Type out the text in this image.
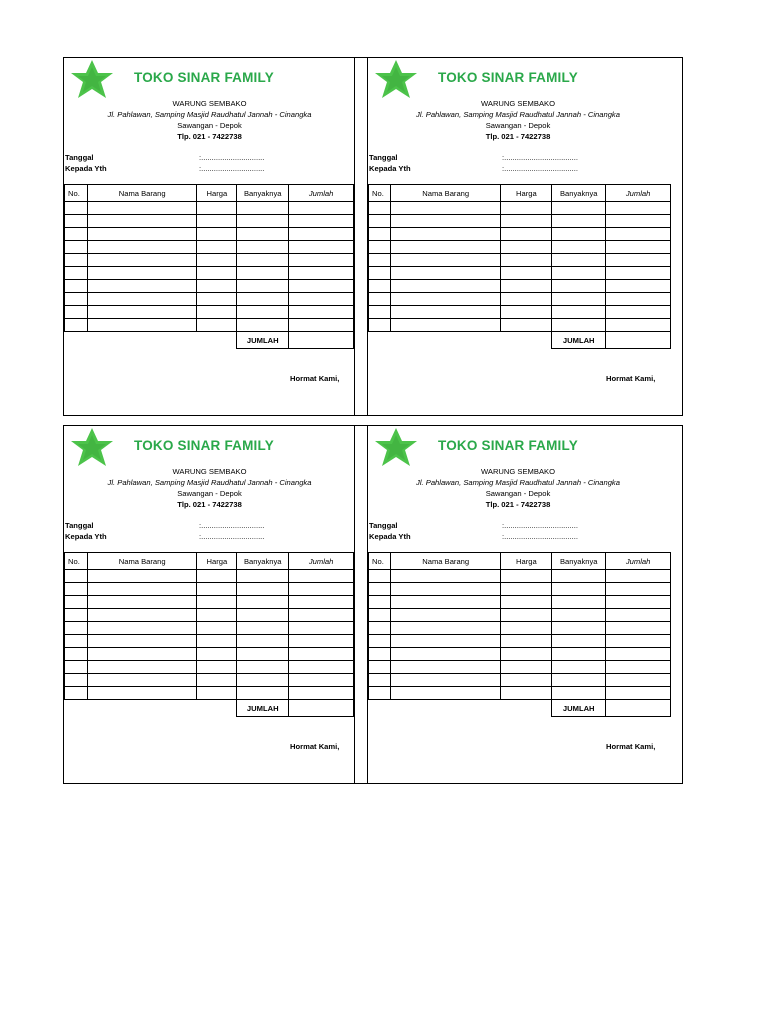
TOKO SINAR FAMILY
WARUNG SEMBAKO
Jl. Pahlawan, Samping Masjid Raudhatul Jannah - Cinangka
Sawangan - Depok
Tlp. 021 - 7422738
Tanggal	:..............................
Kepada Yth	:..............................
No.	Nama Barang	Harga	Banyaknya	Jumlah

			JUMLAH	
Hormat Kami,
TOKO SINAR FAMILY
WARUNG SEMBAKO
Jl. Pahlawan, Samping Masjid Raudhatul Jannah - Cinangka
Sawangan - Depok
Tlp. 021 - 7422738
Tanggal	:...................................
Kepada Yth	:...................................
No.	Nama Barang	Harga	Banyaknya	Jumlah

			JUMLAH	
Hormat Kami,
TOKO SINAR FAMILY
WARUNG SEMBAKO
Jl. Pahlawan, Samping Masjid Raudhatul Jannah - Cinangka
Sawangan - Depok
Tlp. 021 - 7422738
Tanggal	:..............................
Kepada Yth	:..............................
No.	Nama Barang	Harga	Banyaknya	Jumlah

			JUMLAH	
Hormat Kami,
TOKO SINAR FAMILY
WARUNG SEMBAKO
Jl. Pahlawan, Samping Masjid Raudhatul Jannah - Cinangka
Sawangan - Depok
Tlp. 021 - 7422738
Tanggal	:...................................
Kepada Yth	:...................................
No.	Nama Barang	Harga	Banyaknya	Jumlah

			JUMLAH	
Hormat Kami,
